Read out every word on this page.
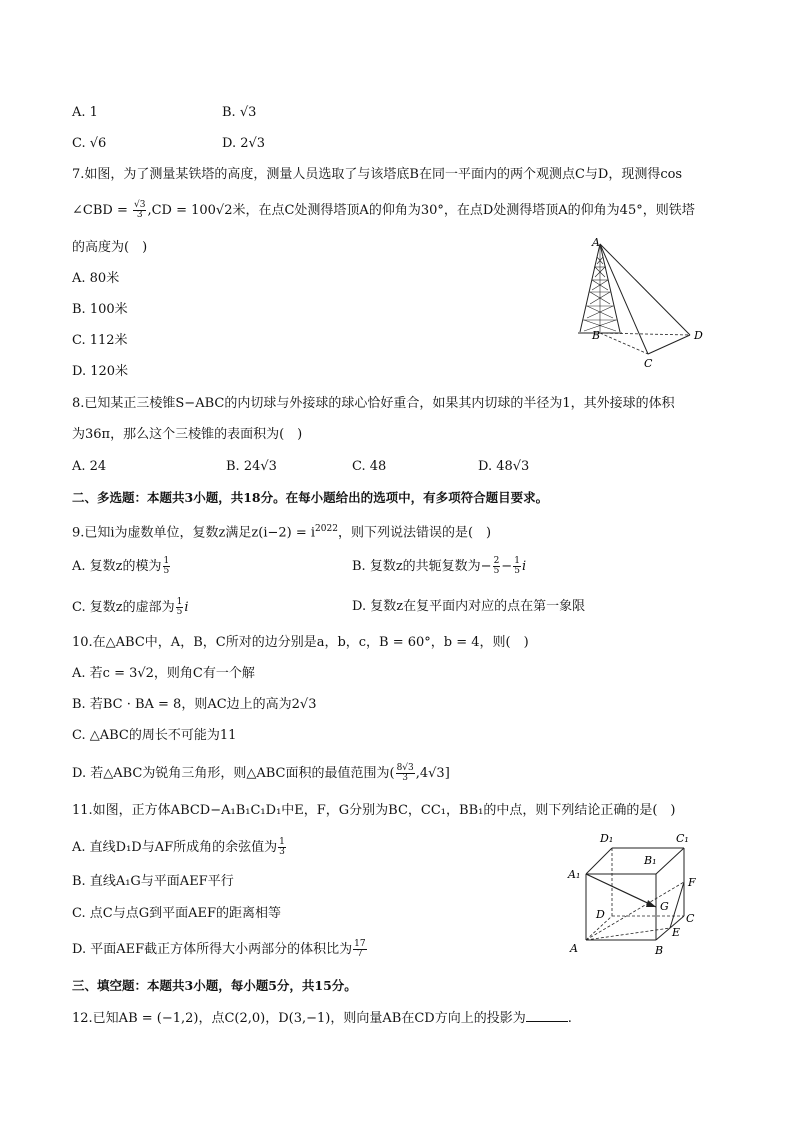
A. 1	B. √3
C. √6	D. 2√3
7.如图，为了测量某铁塔的高度，测量人员选取了与该塔底B在同一平面内的两个观测点C与D，现测得cos
∠CBD = $\frac{√3}{3} ,CD = 100√2$米，在点C处测得塔顶A的仰角为30°，在点D处测得塔顶A的仰角为45°，则铁塔
的高度为(　)
A. 80米
B. 100米
C. 112米
D. 120米
A
B
C
D
8.已知某正三棱锥S−ABC的内切球与外接球的球心恰好重合，如果其内切球的半径为1，其外接球的体积
为36π，那么这个三棱锥的表面积为(　)
A. 24	B. 24√3	C. 48	D. 48√3
二、多选题：本题共3小题，共18分。在每小题给出的选项中，有多项符合题目要求。
9.已知i为虚数单位，复数z满足$z(i-2) = i^{2022}$，则下列说法错误的是(　)
A. 复数z的模为 $\frac{1}{5}$	B. 复数z的共轭复数为− $\frac{2}{5} - \frac{1}{5}$ i
C. 复数z的虚部为 $\frac{1}{5}$ i	D. 复数z在复平面内对应的点在第一象限
10.在△ABC中，A，B，C所对的边分别是a，b，c，B = 60°，b = 4，则(　)
A. 若c = 3√2，则角C有一个解
B. 若BC · BA = 8，则AC边上的高为2√3
C. △ABC的周长不可能为11
D. 若△ABC为锐角三角形，则△ABC面积的最值范围为( $\frac{8√3}{3} ,4√3$]
11.如图，正方体ABCD−A₁B₁C₁D₁中E，F，G分别为BC，CC₁，BB₁的中点，则下列结论正确的是(　)
A. 直线D₁D与AF所成角的余弦值为 $\frac{1}{3}$
B. 直线A₁G与平面AEF平行
C. 点C与点G到平面AEF的距离相等
D. 平面AEF截正方体所得大小两部分的体积比为 $\frac{17}{7}$
D₁	C₁
B₁
A₁
F
G
D	C
E
A	B
三、填空题：本题共3小题，每小题5分，共15分。
12.已知AB = (−1,2)，点C(2,0)，D(3,−1)，则向量AB在CD方向上的投影为	.
